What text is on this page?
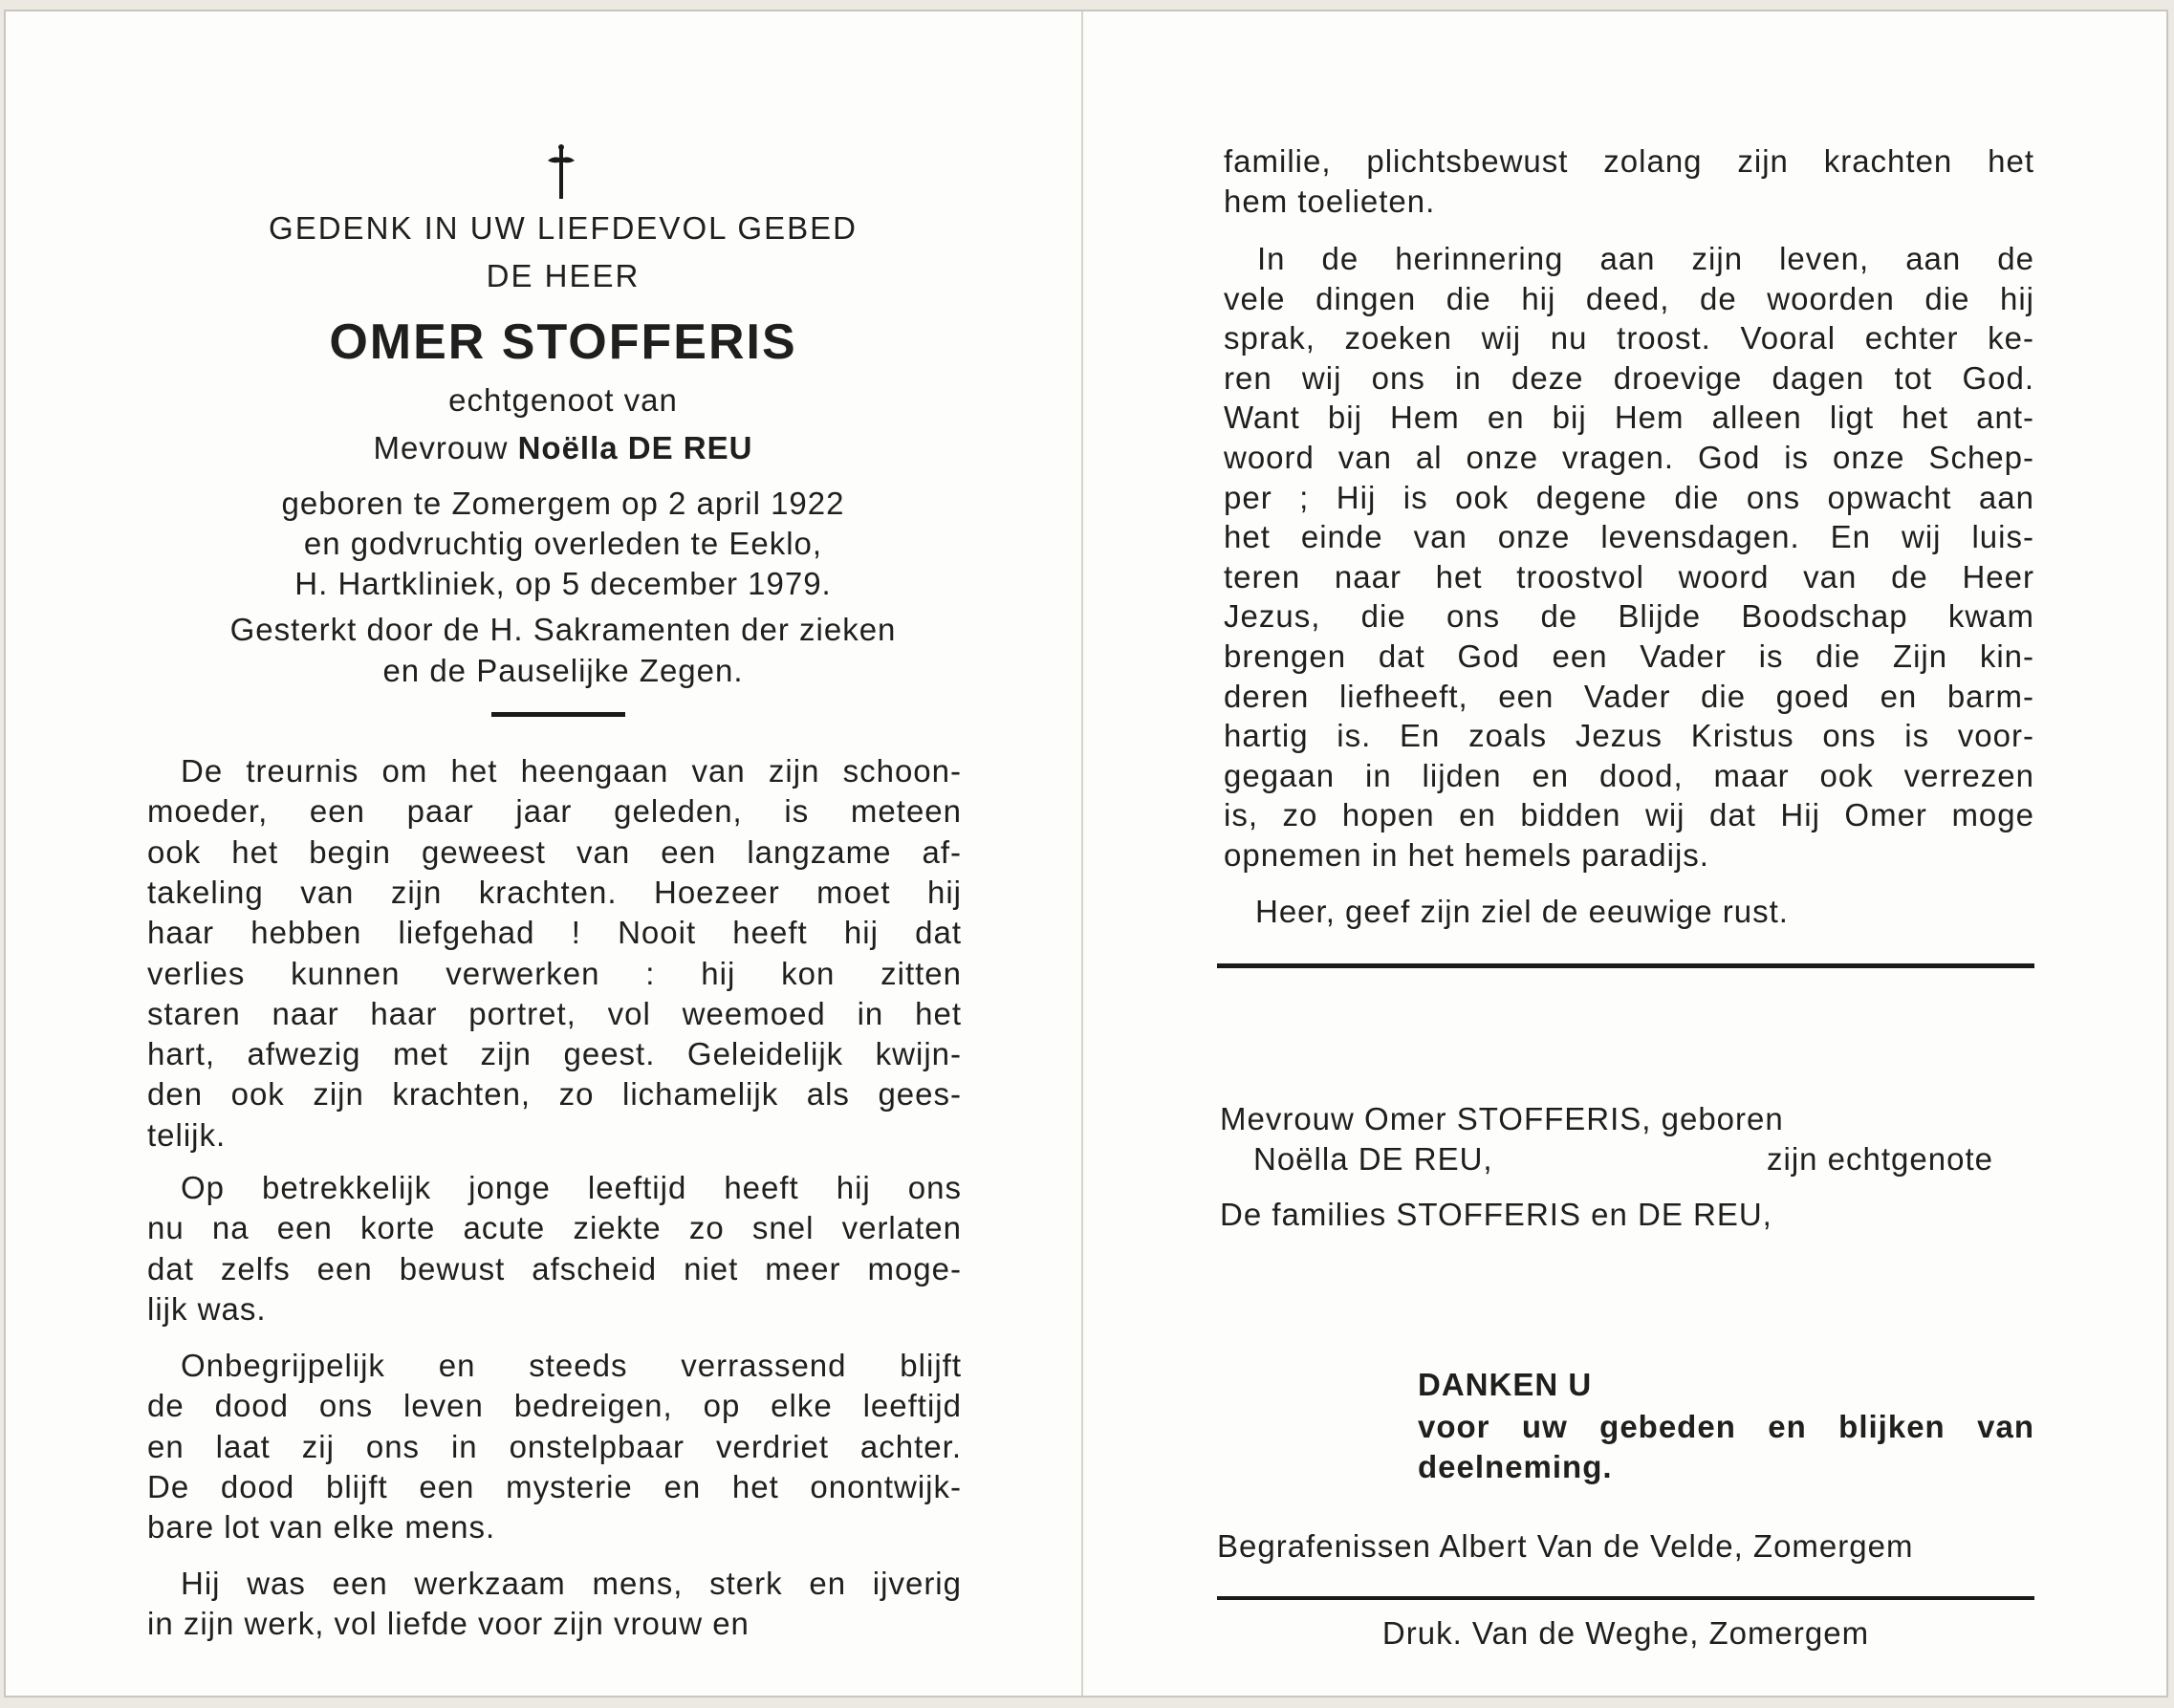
GEDENK IN UW LIEFDEVOL GEBED
DE HEER
OMER STOFFERIS
echtgenoot van
Mevrouw Noëlla DE REU
geboren te Zomergem op 2 april 1922
en godvruchtig overleden te Eeklo,
H. Hartkliniek, op 5 december 1979.
Gesterkt door de H. Sakramenten der zieken
en de Pauselijke Zegen.
De treurnis om het heengaan van zijn schoon-
moeder, een paar jaar geleden, is meteen
ook het begin geweest van een langzame af-
takeling van zijn krachten. Hoezeer moet hij
haar hebben liefgehad ! Nooit heeft hij dat
verlies kunnen verwerken : hij kon zitten
staren naar haar portret, vol weemoed in het
hart, afwezig met zijn geest. Geleidelijk kwijn-
den ook zijn krachten, zo lichamelijk als gees-
telijk.
Op betrekkelijk jonge leeftijd heeft hij ons
nu na een korte acute ziekte zo snel verlaten
dat zelfs een bewust afscheid niet meer moge-
lijk was.
Onbegrijpelijk en steeds verrassend blijft
de dood ons leven bedreigen, op elke leeftijd
en laat zij ons in onstelpbaar verdriet achter.
De dood blijft een mysterie en het onontwijk-
bare lot van elke mens.
Hij was een werkzaam mens, sterk en ijverig
in zijn werk, vol liefde voor zijn vrouw en
familie, plichtsbewust zolang zijn krachten het
hem toelieten.
In de herinnering aan zijn leven, aan de
vele dingen die hij deed, de woorden die hij
sprak, zoeken wij nu troost. Vooral echter ke-
ren wij ons in deze droevige dagen tot God.
Want bij Hem en bij Hem alleen ligt het ant-
woord van al onze vragen. God is onze Schep-
per ; Hij is ook degene die ons opwacht aan
het einde van onze levensdagen. En wij luis-
teren naar het troostvol woord van de Heer
Jezus, die ons de Blijde Boodschap kwam
brengen dat God een Vader is die Zijn kin-
deren liefheeft, een Vader die goed en barm-
hartig is. En zoals Jezus Kristus ons is voor-
gegaan in lijden en dood, maar ook verrezen
is, zo hopen en bidden wij dat Hij Omer moge
opnemen in het hemels paradijs.
Heer, geef zijn ziel de eeuwige rust.
Mevrouw Omer STOFFERIS, geboren
Noëlla DE REU,	zijn echtgenote
De families STOFFERIS en DE REU,
DANKEN U
voor uw gebeden en blijken van
deelneming.
Begrafenissen Albert Van de Velde, Zomergem
Druk. Van de Weghe, Zomergem
